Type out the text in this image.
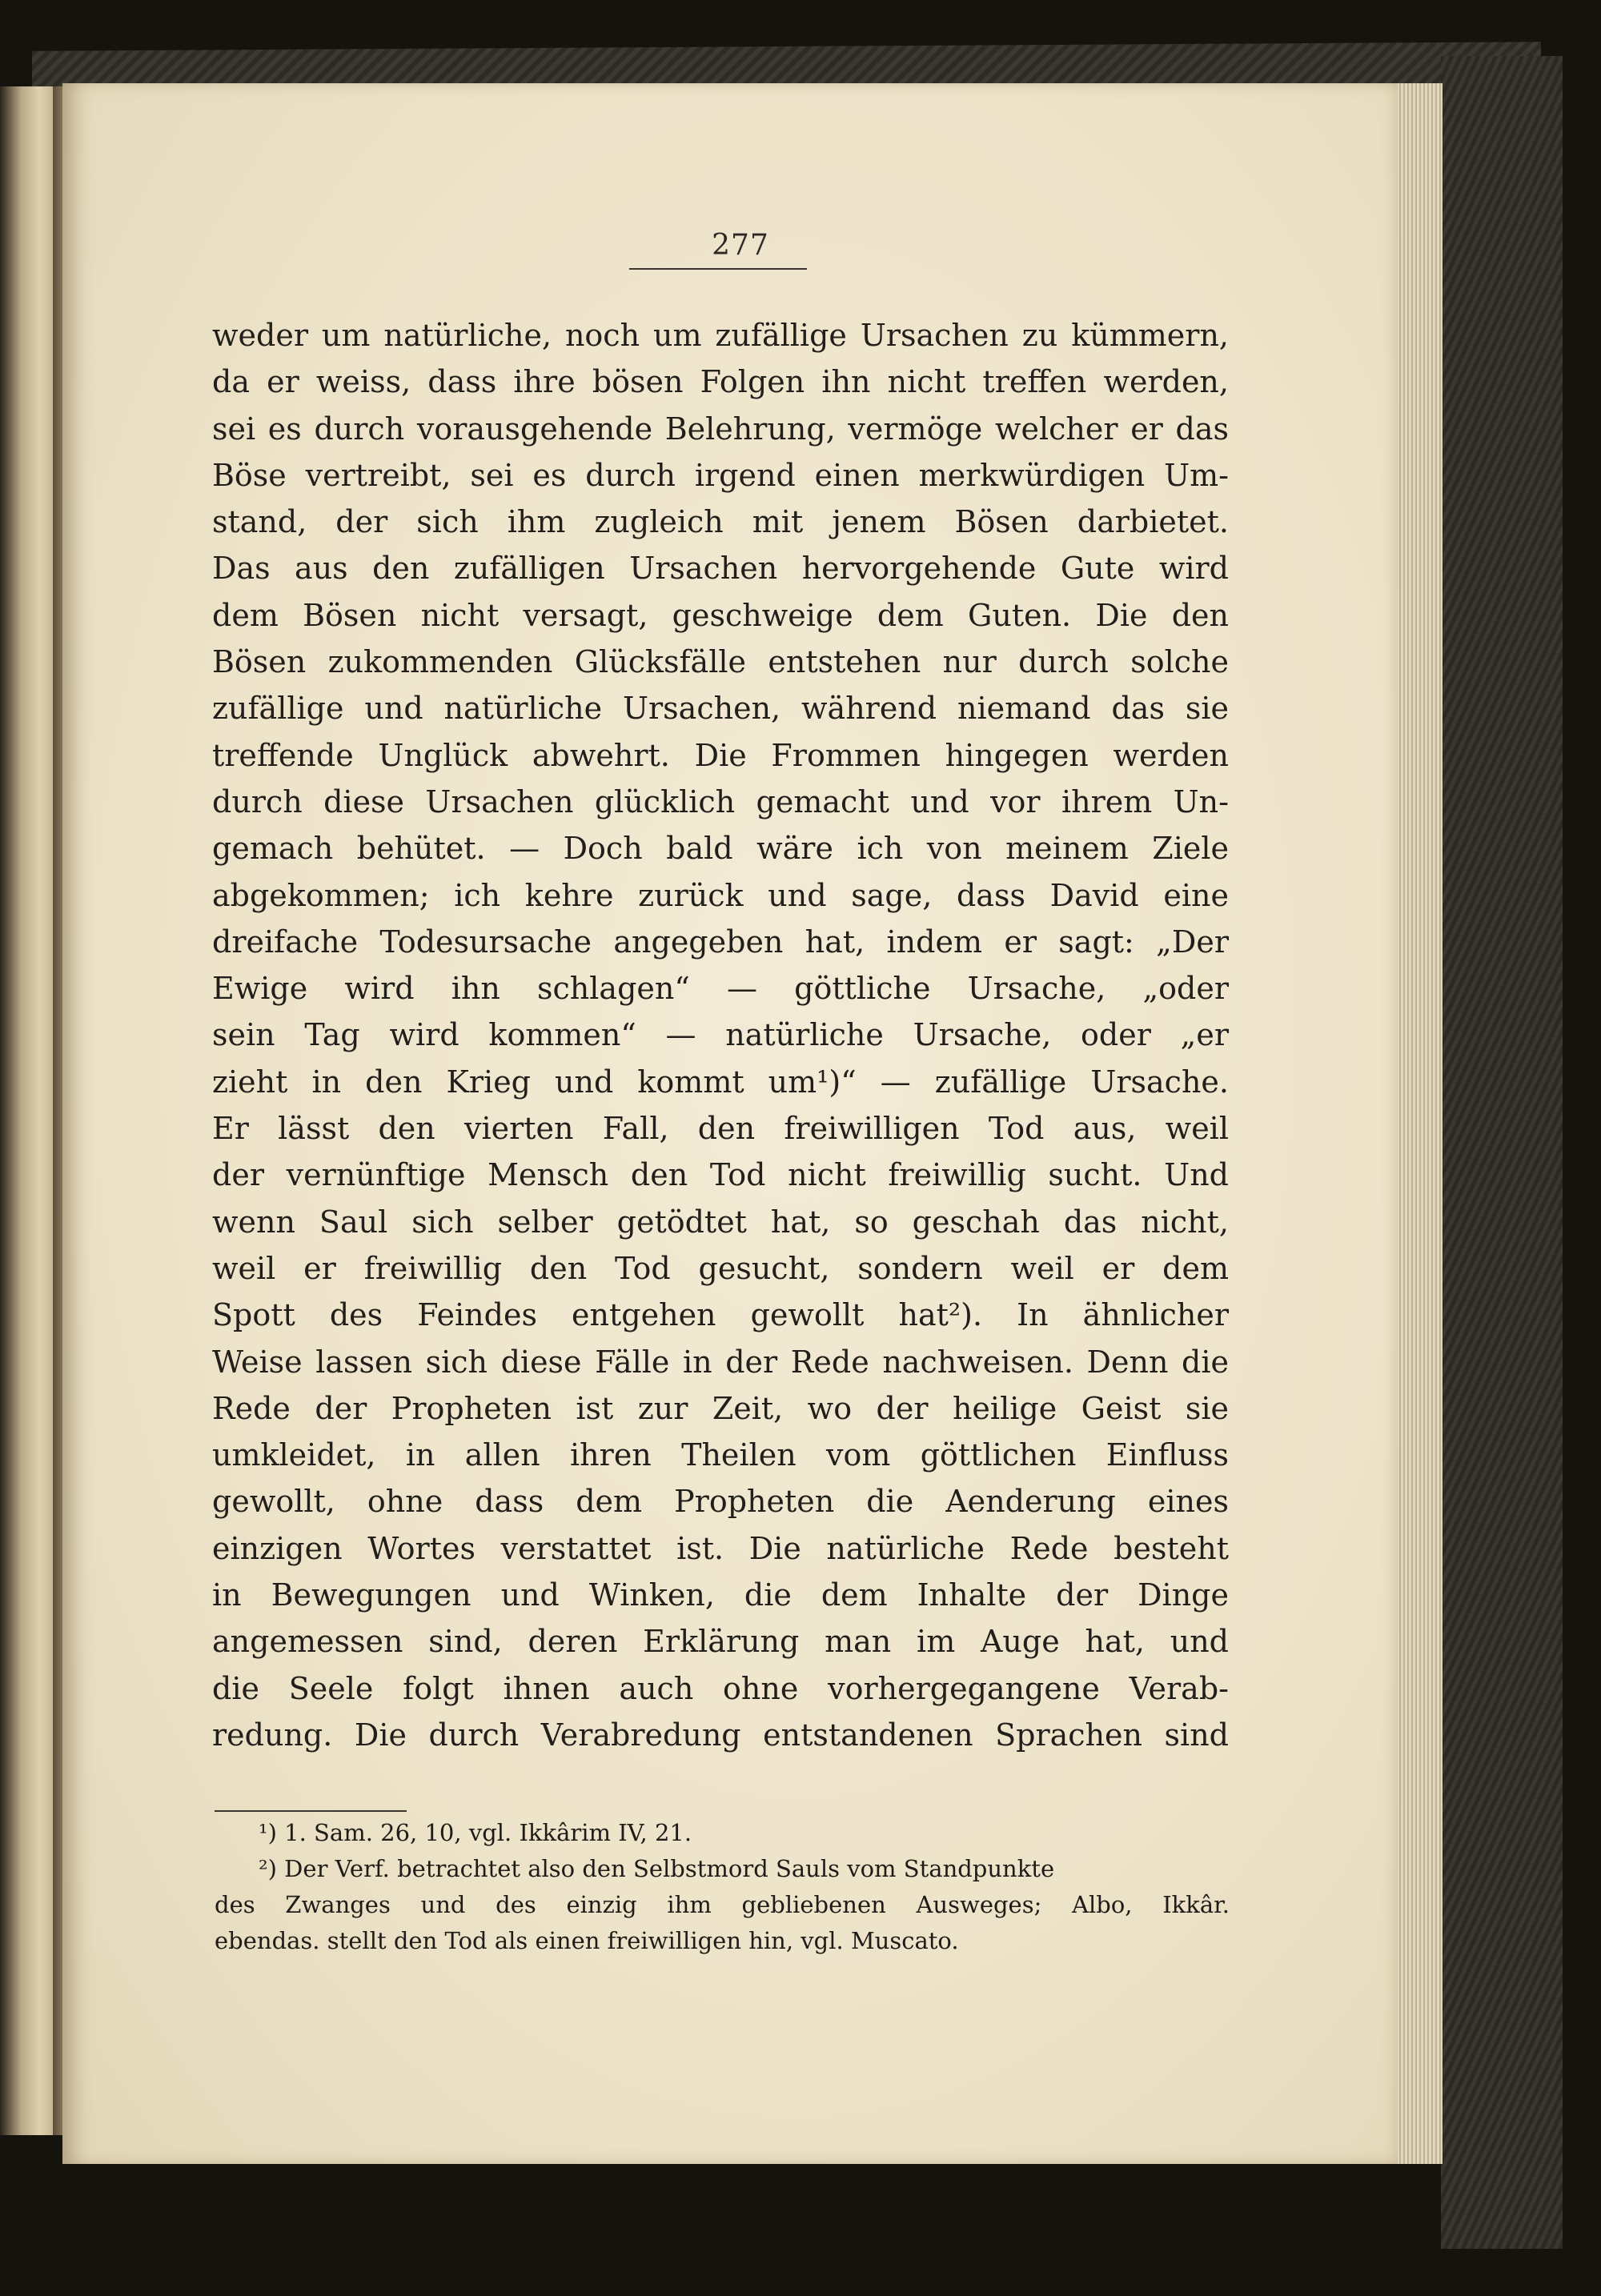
277
weder um natürliche, noch um zufällige Ursachen zu kümmern,
da er weiss, dass ihre bösen Folgen ihn nicht treffen werden,
sei es durch vorausgehende Belehrung, vermöge welcher er das
Böse vertreibt, sei es durch irgend einen merkwürdigen Um-
stand, der sich ihm zugleich mit jenem Bösen darbietet.
Das aus den zufälligen Ursachen hervorgehende Gute wird
dem Bösen nicht versagt, geschweige dem Guten. Die den
Bösen zukommenden Glücksfälle entstehen nur durch solche
zufällige und natürliche Ursachen, während niemand das sie
treffende Unglück abwehrt. Die Frommen hingegen werden
durch diese Ursachen glücklich gemacht und vor ihrem Un-
gemach behütet. — Doch bald wäre ich von meinem Ziele
abgekommen; ich kehre zurück und sage, dass David eine
dreifache Todesursache angegeben hat, indem er sagt: „Der
Ewige wird ihn schlagen“ — göttliche Ursache, „oder
sein Tag wird kommen“ — natürliche Ursache, oder „er
zieht in den Krieg und kommt um¹)“ — zufällige Ursache.
Er lässt den vierten Fall, den freiwilligen Tod aus, weil
der vernünftige Mensch den Tod nicht freiwillig sucht. Und
wenn Saul sich selber getödtet hat, so geschah das nicht,
weil er freiwillig den Tod gesucht, sondern weil er dem
Spott des Feindes entgehen gewollt hat²). In ähnlicher
Weise lassen sich diese Fälle in der Rede nachweisen. Denn die
Rede der Propheten ist zur Zeit, wo der heilige Geist sie
umkleidet, in allen ihren Theilen vom göttlichen Einfluss
gewollt, ohne dass dem Propheten die Aenderung eines
einzigen Wortes verstattet ist. Die natürliche Rede besteht
in Bewegungen und Winken, die dem Inhalte der Dinge
angemessen sind, deren Erklärung man im Auge hat, und
die Seele folgt ihnen auch ohne vorhergegangene Verab-
redung. Die durch Verabredung entstandenen Sprachen sind
¹) 1. Sam. 26, 10, vgl. Ikkârim IV, 21.
²) Der Verf. betrachtet also den Selbstmord Sauls vom Standpunkte
des Zwanges und des einzig ihm gebliebenen Ausweges; Albo, Ikkâr.
ebendas. stellt den Tod als einen freiwilligen hin, vgl. Muscato.
